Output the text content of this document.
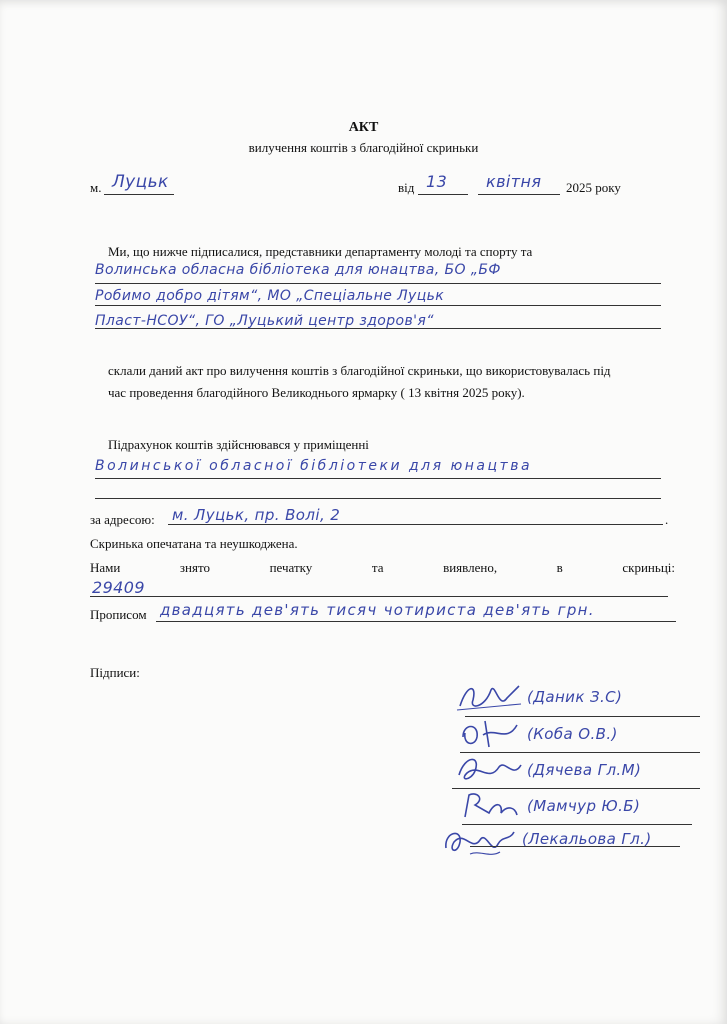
АКТ
вилучення коштів з благодійної скриньки
м. Луцьк	від 13 квітня 2025 року
Ми, що нижче підписалися, представники департаменту молоді та спорту та
Волинська обласна бібліотека для юнацтва, БО „БФ
Робимо добро дітям“, МО „Спеціальне Луцьк
Пласт-НСОУ“, ГО „Луцький центр здоров'я“
склали даний акт про вилучення коштів з благодійної скриньки, що використовувалась під
час проведення благодійного Великоднього ярмарку ( 13 квітня 2025 року).
Підрахунок коштів здійснювався у приміщенні
Волинської обласної бібліотеки для юнацтва
за адресою: м. Луцьк, пр. Волі, 2	.
Скринька опечатана та неушкоджена.
Нами	знято	печатку	та	виявлено,	в	скриньці:
29409
Прописом двадцять дев'ять тисяч чотириста дев'ять грн.
Підписи:
(Даник З.С)
(Коба О.В.)
(Дячева Гл.М)
(Мамчур Ю.Б)
(Лекальова Гл.)
